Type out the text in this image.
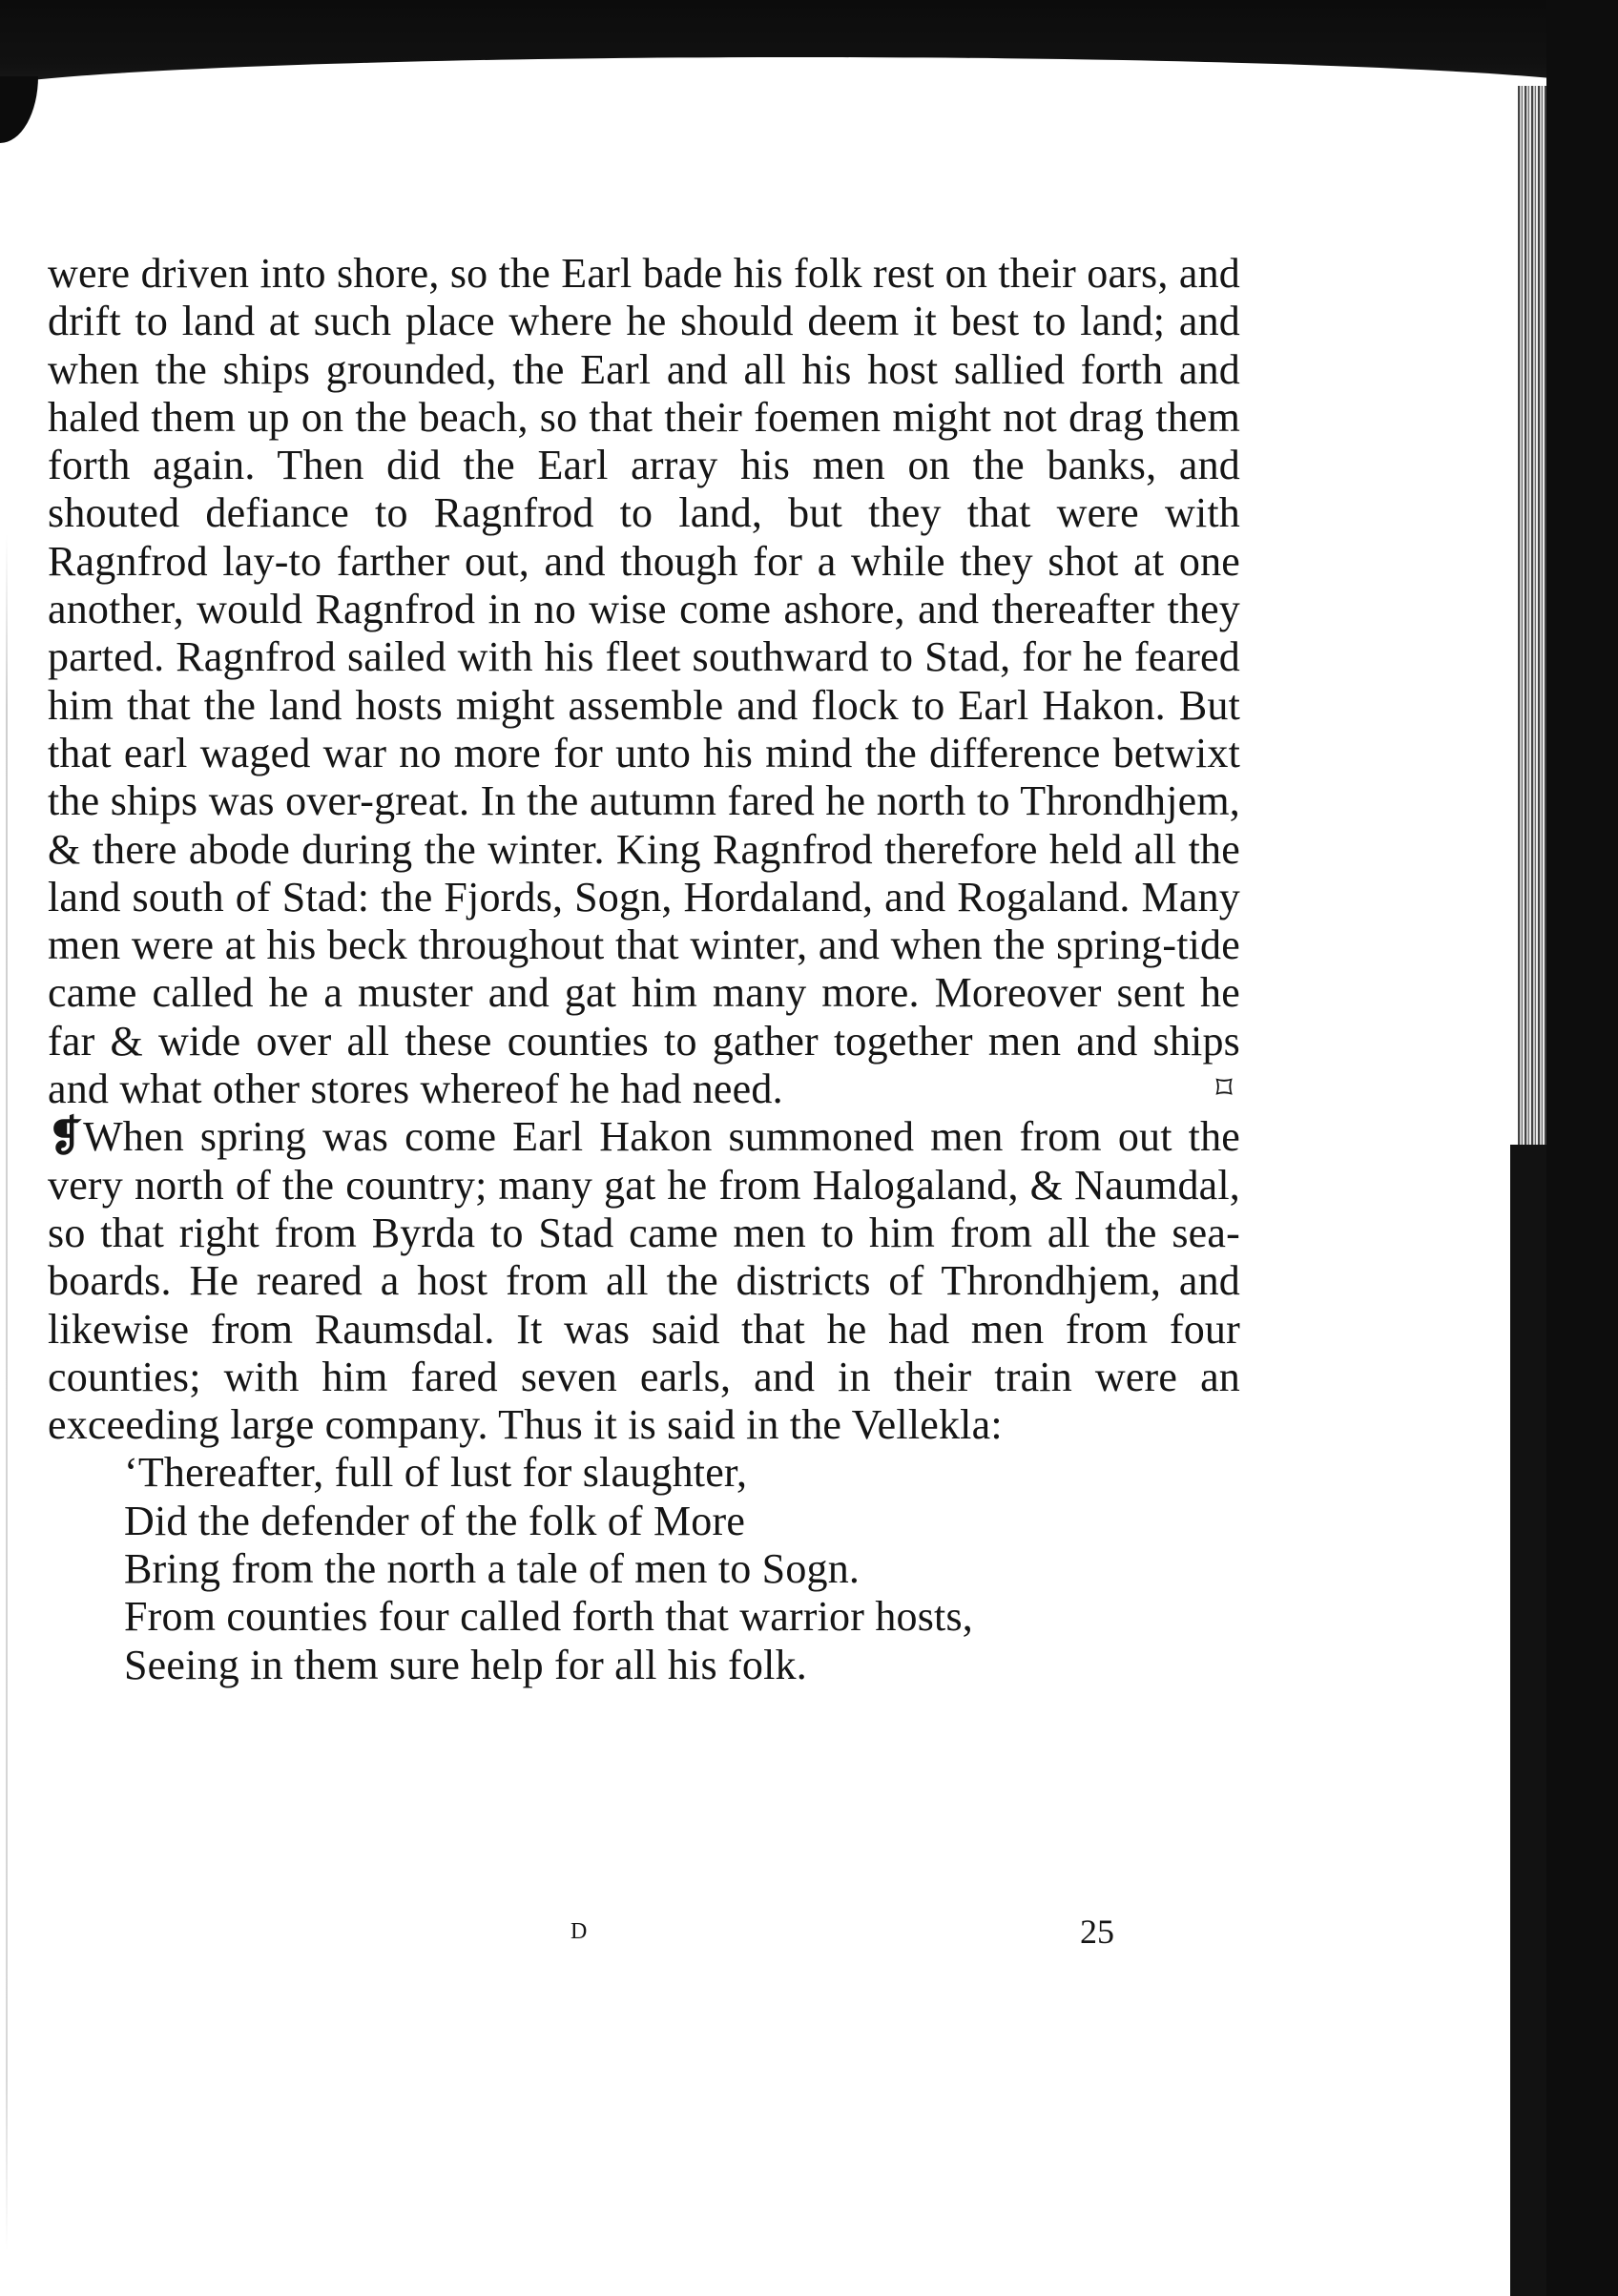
were driven into shore, so the Earl bade his folk rest on their oars, and drift to land at such place where he should deem it best to land; and when the ships grounded, the Earl and all his host sallied forth and haled them up on the beach, so that their foemen might not drag them forth again. Then did the Earl array his men on the banks, and shouted defiance to Ragnfrod to land, but they that were with Ragnfrod lay-to farther out, and though for a while they shot at one another, would Ragnfrod in no wise come ashore, and thereafter they parted. Ragnfrod sailed with his fleet southward to Stad, for he feared him that the land hosts might assemble and flock to Earl Hakon. But that earl waged war no more for unto his mind the difference betwixt the ships was over-great. In the autumn fared he north to Throndhjem, & there abode during the winter. King Ragnfrod therefore held all the land south of Stad: the Fjords, Sogn, Hordaland, and Rogaland. Many men were at his beck throughout that winter, and when the spring-tide came called he a muster and gat him many more. Moreover sent he far & wide over all these counties to gather together men and ships and what other stores whereof he had need.	⌑

❡When spring was come Earl Hakon summoned men from out the very north of the country; many gat he from Halogaland, & Naumdal, so that right from Byrda to Stad came men to him from all the sea-boards. He reared a host from all the districts of Throndhjem, and likewise from Raumsdal. It was said that he had men from four counties; with him fared seven earls, and in their train were an exceeding large company. Thus it is said in the Vellekla:

‘Thereafter, full of lust for slaughter,
Did the defender of the folk of More
Bring from the north a tale of men to Sogn.
From counties four called forth that warrior hosts,
Seeing in them sure help for all his folk.
D	25
